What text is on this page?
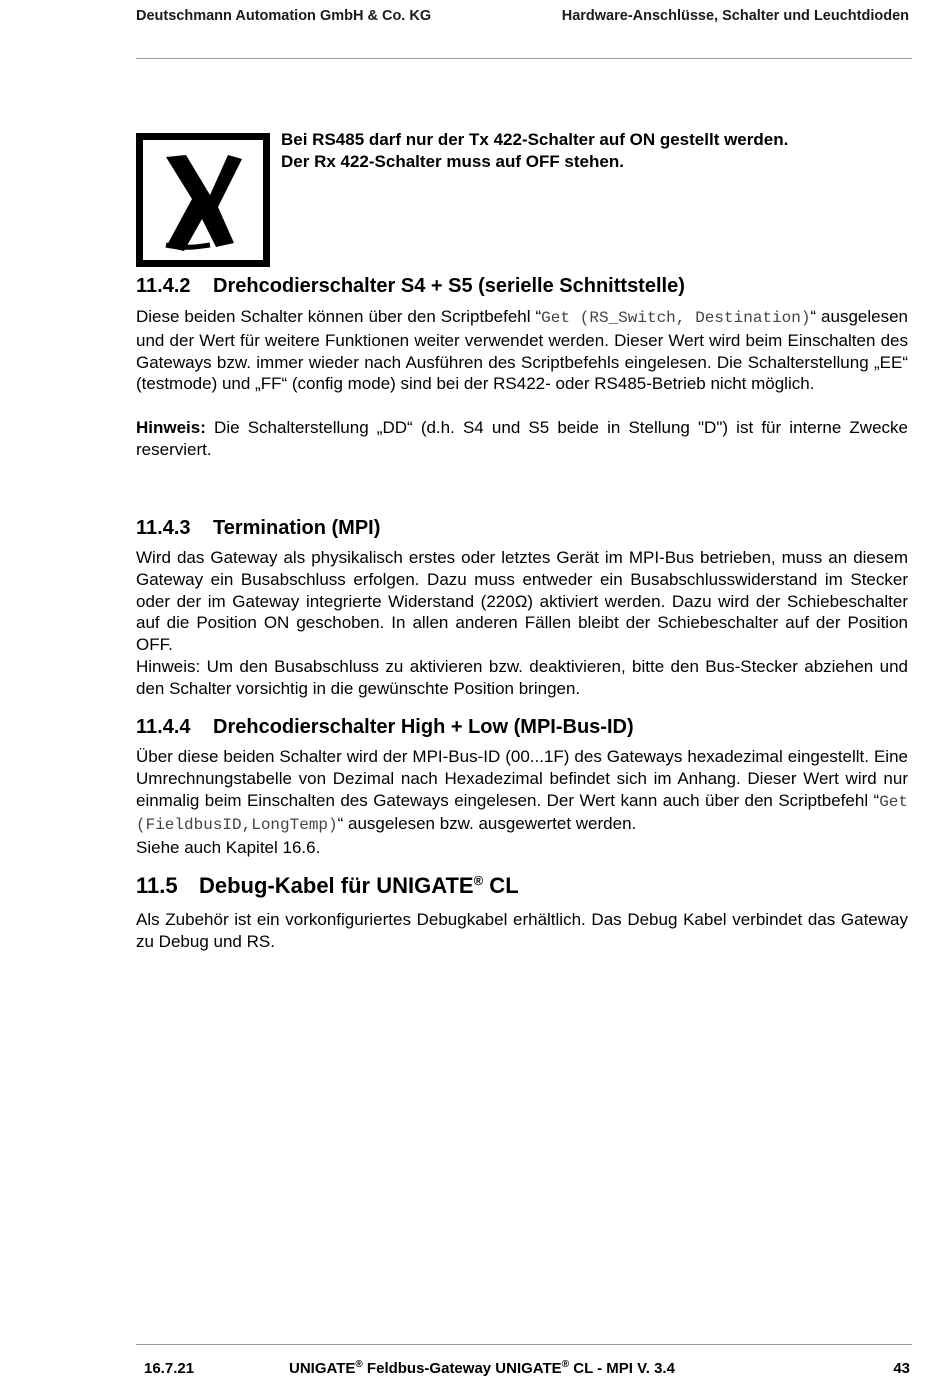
Deutschmann Automation GmbH & Co. KG	Hardware-Anschlüsse, Schalter und Leuchtdioden
Bei RS485 darf nur der Tx 422-Schalter auf ON gestellt werden.
Der Rx 422-Schalter muss auf OFF stehen.
11.4.2 Drehcodierschalter S4 + S5 (serielle Schnittstelle)

Diese beiden Schalter können über den Scriptbefehl “Get (RS_Switch, Destination)“ ausgelesen und der Wert für weitere Funktionen weiter verwendet werden. Dieser Wert wird beim Einschalten des Gateways bzw. immer wieder nach Ausführen des Scriptbefehls eingelesen. Die Schalterstellung „EE“ (testmode) und „FF“ (config mode) sind bei der RS422- oder RS485-Betrieb nicht möglich.

Hinweis: Die Schalterstellung „DD“ (d.h. S4 und S5 beide in Stellung "D") ist für interne Zwecke reserviert.

11.4.3 Termination (MPI)

Wird das Gateway als physikalisch erstes oder letztes Gerät im MPI-Bus betrieben, muss an diesem Gateway ein Busabschluss erfolgen. Dazu muss entweder ein Busabschlusswiderstand im Stecker oder der im Gateway integrierte Widerstand (220Ω) aktiviert werden. Dazu wird der Schiebeschalter auf die Position ON geschoben. In allen anderen Fällen bleibt der Schiebeschalter auf der Position OFF.

Hinweis: Um den Busabschluss zu aktivieren bzw. deaktivieren, bitte den Bus-Stecker abziehen und den Schalter vorsichtig in die gewünschte Position bringen.

11.4.4 Drehcodierschalter High + Low (MPI-Bus-ID)

Über diese beiden Schalter wird der MPI-Bus-ID (00...1F) des Gateways hexadezimal eingestellt. Eine Umrechnungstabelle von Dezimal nach Hexadezimal befindet sich im Anhang. Dieser Wert wird nur einmalig beim Einschalten des Gateways eingelesen. Der Wert kann auch über den Scriptbefehl “Get (FieldbusID,LongTemp)“ ausgelesen bzw. ausgewertet werden.

Siehe auch Kapitel 16.6.

11.5 Debug-Kabel für UNIGATE® CL

Als Zubehör ist ein vorkonfiguriertes Debugkabel erhältlich. Das Debug Kabel verbindet das Gateway zu Debug und RS.

16.7.21	UNIGATE® Feldbus-Gateway UNIGATE® CL - MPI V. 3.4	43
